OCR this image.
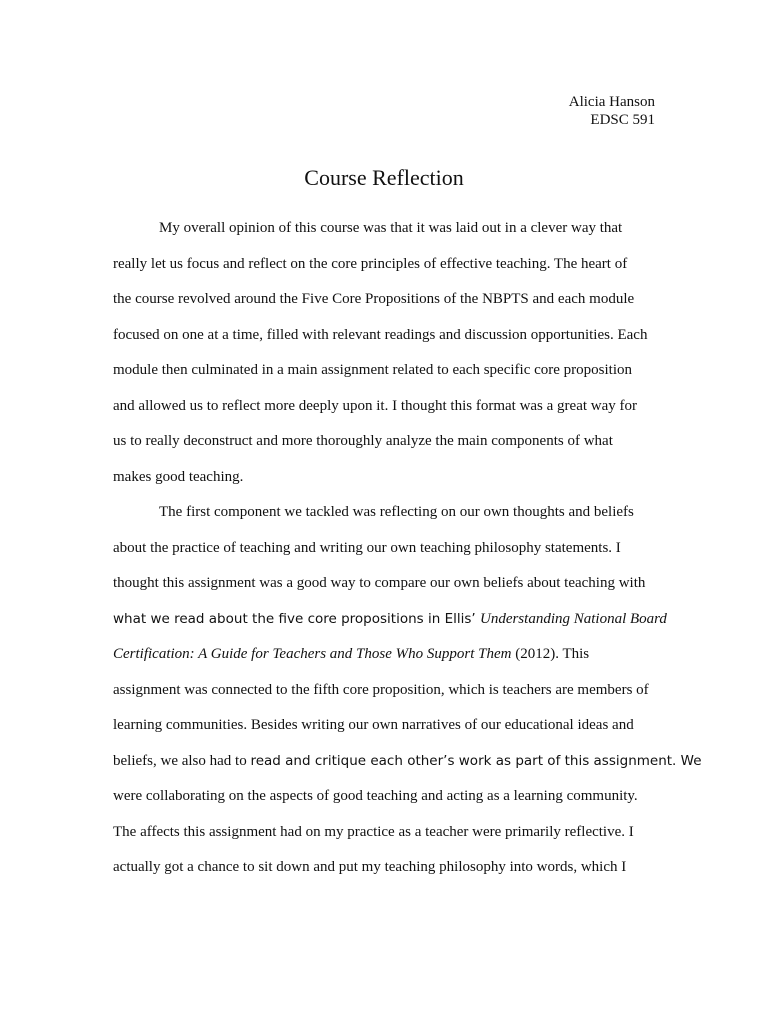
Alicia Hanson
EDSC 591
Course Reflection
My overall opinion of this course was that it was laid out in a clever way that
really let us focus and reflect on the core principles of effective teaching. The heart of
the course revolved around the Five Core Propositions of the NBPTS and each module
focused on one at a time, filled with relevant readings and discussion opportunities. Each
module then culminated in a main assignment related to each specific core proposition
and allowed us to reflect more deeply upon it. I thought this format was a great way for
us to really deconstruct and more thoroughly analyze the main components of what
makes good teaching.
The first component we tackled was reflecting on our own thoughts and beliefs
about the practice of teaching and writing our own teaching philosophy statements. I
thought this assignment was a good way to compare our own beliefs about teaching with
what we read about the five core propositions in Ellis’ Understanding National Board
Certification: A Guide for Teachers and Those Who Support Them (2012). This
assignment was connected to the fifth core proposition, which is teachers are members of
learning communities. Besides writing our own narratives of our educational ideas and
beliefs, we also had to read and critique each other’s work as part of this assignment. We
were collaborating on the aspects of good teaching and acting as a learning community.
The affects this assignment had on my practice as a teacher were primarily reflective. I
actually got a chance to sit down and put my teaching philosophy into words, which I
